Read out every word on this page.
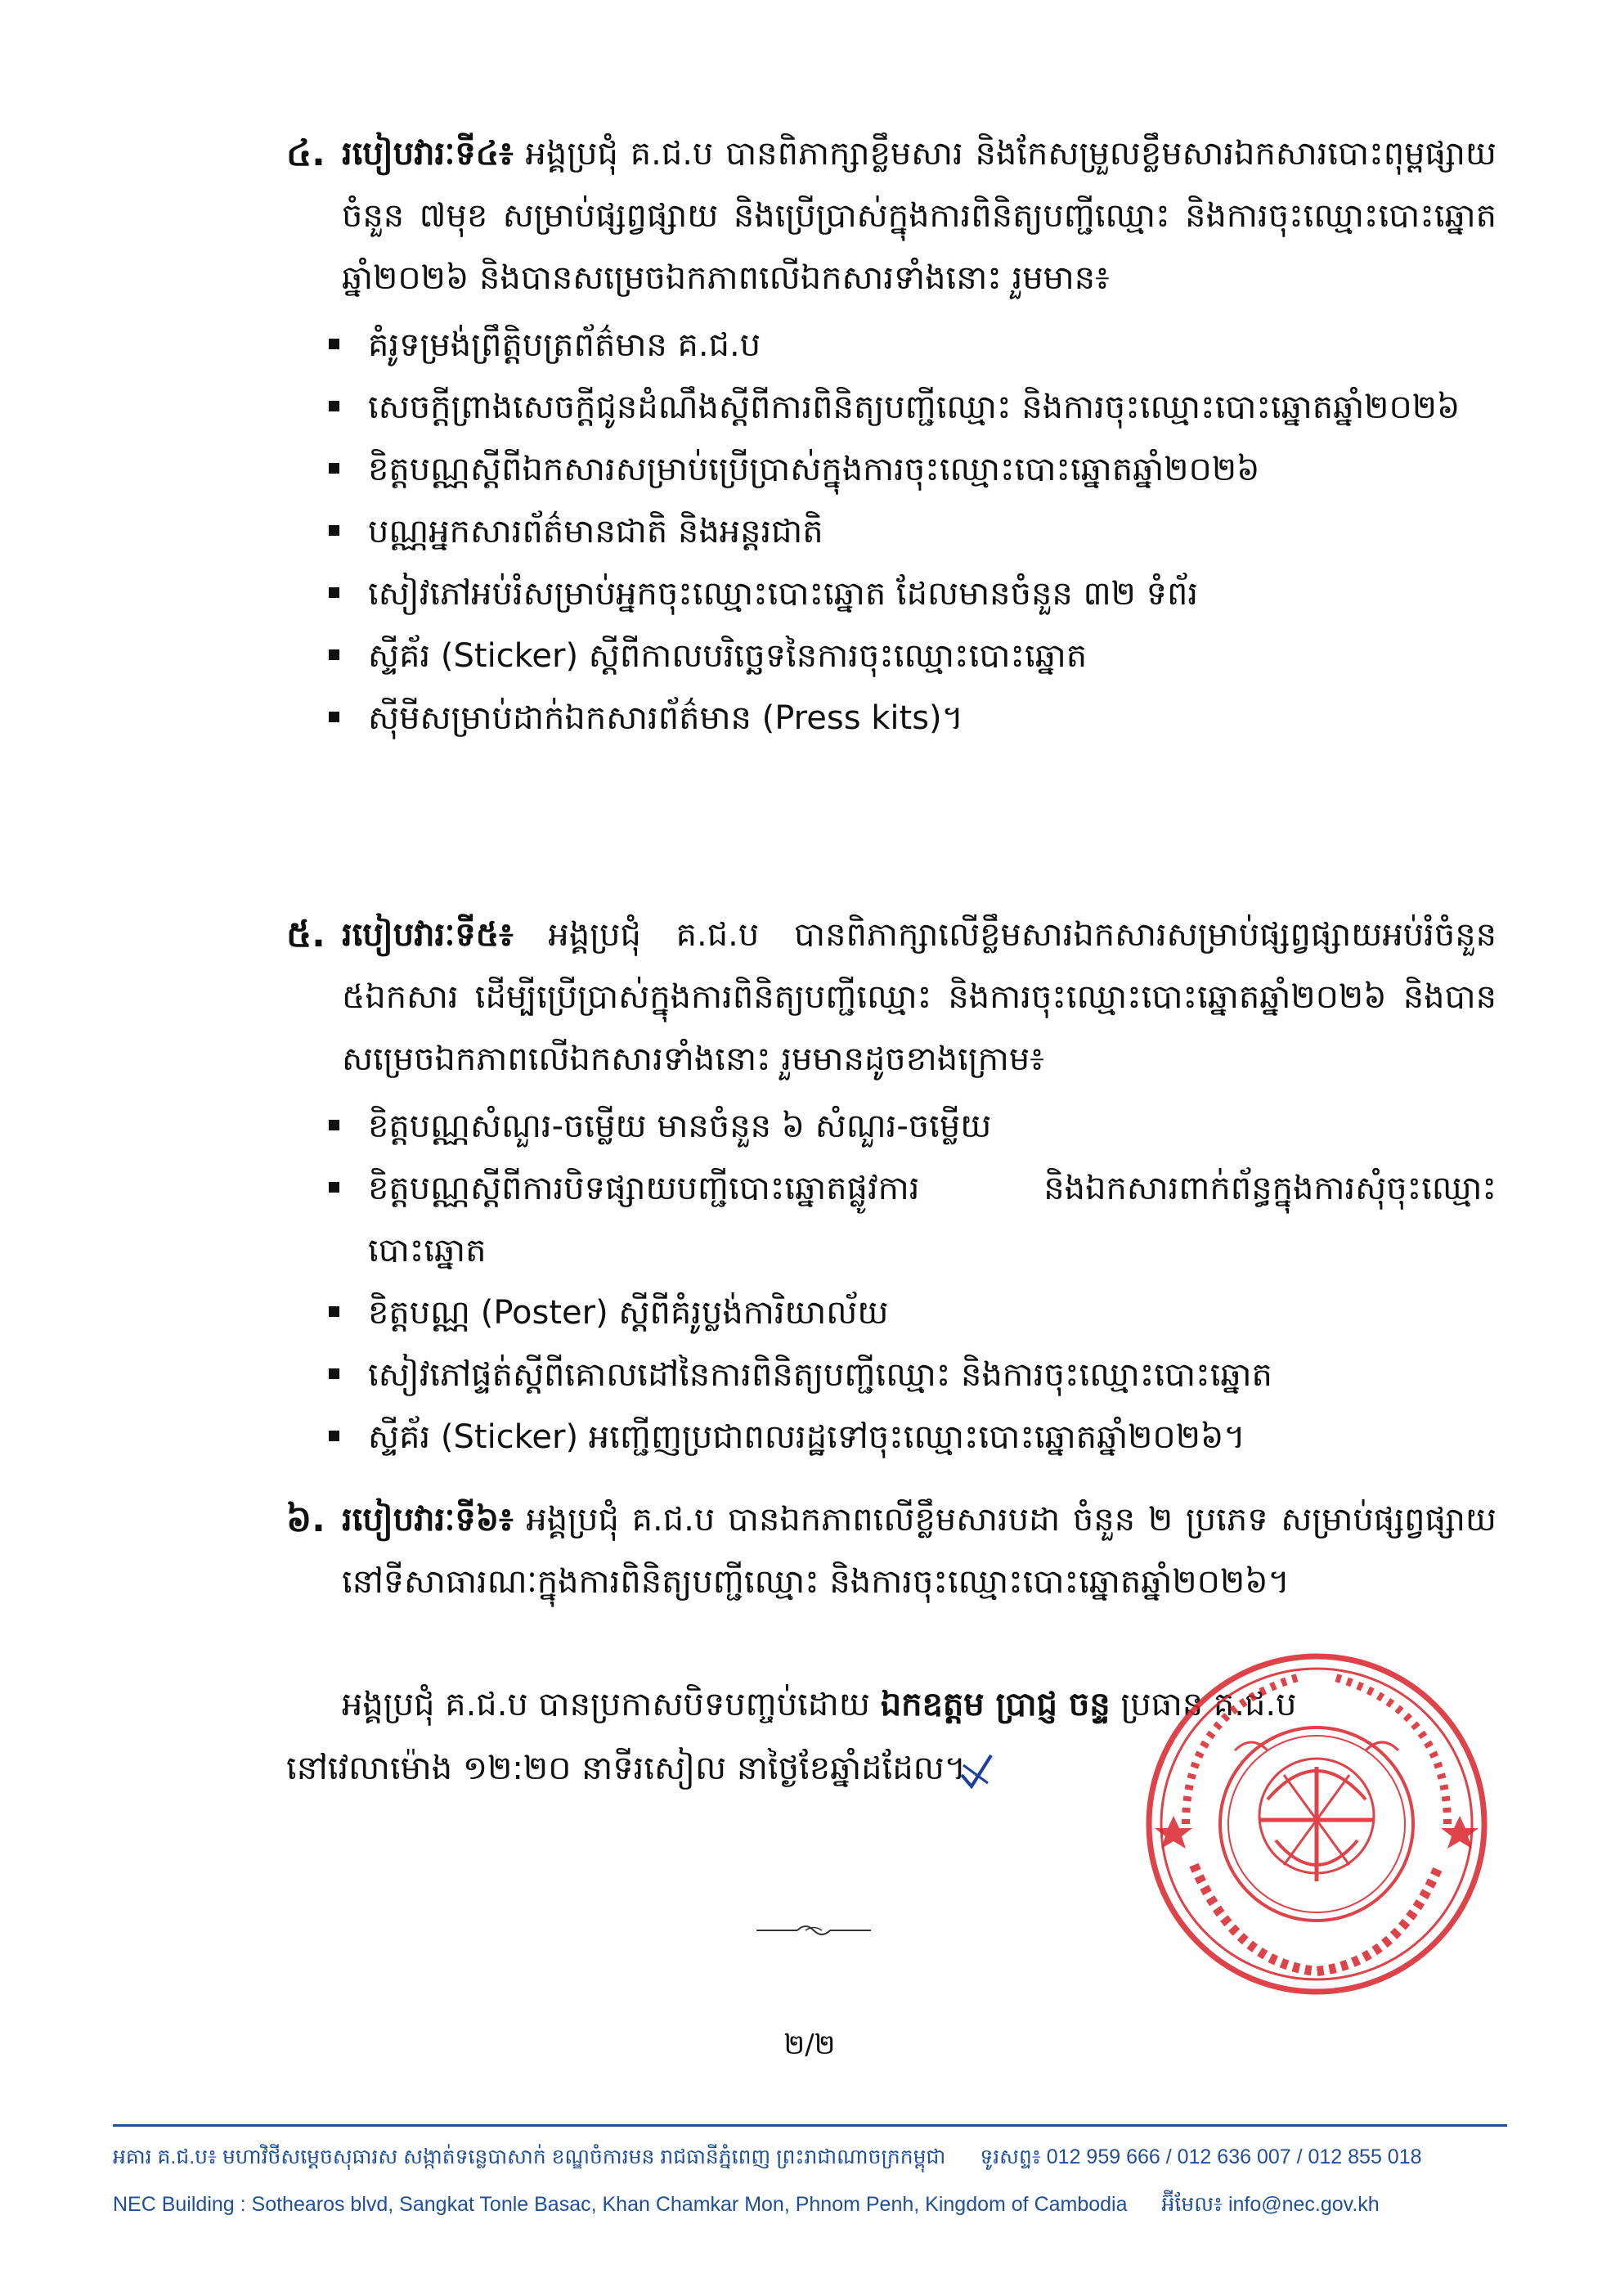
៤. របៀបវារៈទី៤៖ អង្គប្រជុំ គ.ជ.ប បានពិភាក្សាខ្លឹមសារ និងកែសម្រួលខ្លឹមសារឯកសារបោះពុម្ពផ្សាយចំនួន ៧មុខ សម្រាប់ផ្សព្វផ្សាយ និងប្រើប្រាស់ក្នុងការពិនិត្យបញ្ជីឈ្មោះ និងការចុះឈ្មោះបោះឆ្នោតឆ្នាំ២០២៦ និងបានសម្រេចឯកភាពលើឯកសារទាំងនោះ រួមមាន៖
គំរូទម្រង់ព្រឹត្តិបត្រព័ត៌មាន គ.ជ.ប
សេចក្តីព្រាងសេចក្តីជូនដំណឹងស្តីពីការពិនិត្យបញ្ជីឈ្មោះ និងការចុះឈ្មោះបោះឆ្នោតឆ្នាំ២០២៦
ខិត្តបណ្ណស្តីពីឯកសារសម្រាប់ប្រើប្រាស់ក្នុងការចុះឈ្មោះបោះឆ្នោតឆ្នាំ២០២៦
បណ្ណអ្នកសារព័ត៌មានជាតិ និងអន្តរជាតិ
សៀវភៅអប់រំសម្រាប់អ្នកចុះឈ្មោះបោះឆ្នោត ដែលមានចំនួន ៣២ ទំព័រ
ស្ទីគ័រ (Sticker) ស្តីពីកាលបរិច្ឆេទនៃការចុះឈ្មោះបោះឆ្នោត
ស៊ីមីសម្រាប់ដាក់ឯកសារព័ត៌មាន (Press kits)។
៥. របៀបវារៈទី៥៖ អង្គប្រជុំ គ.ជ.ប បានពិភាក្សាលើខ្លឹមសារឯកសារសម្រាប់ផ្សព្វផ្សាយអប់រំចំនួន ៥ឯកសារ ដើម្បីប្រើប្រាស់ក្នុងការពិនិត្យបញ្ជីឈ្មោះ និងការចុះឈ្មោះបោះឆ្នោតឆ្នាំ២០២៦ និងបានសម្រេចឯកភាពលើឯកសារទាំងនោះ រួមមានដូចខាងក្រោម៖
ខិត្តបណ្ណសំណួរ-ចម្លើយ មានចំនួន ៦ សំណួរ-ចម្លើយ
ខិត្តបណ្ណស្តីពីការបិទផ្សាយបញ្ជីបោះឆ្នោតផ្លូវការ និងឯកសារពាក់ព័ន្ធក្នុងការសុំចុះឈ្មោះបោះឆ្នោត
ខិត្តបណ្ណ (Poster) ស្តីពីគំរូប្លង់ការិយាល័យ
សៀវភៅផ្ទត់ស្តីពីគោលដៅនៃការពិនិត្យបញ្ជីឈ្មោះ និងការចុះឈ្មោះបោះឆ្នោត
ស្ទីគ័រ (Sticker) អញ្ជើញប្រជាពលរដ្ឋទៅចុះឈ្មោះបោះឆ្នោតឆ្នាំ២០២៦។
៦. របៀបវារៈទី៦៖ អង្គប្រជុំ គ.ជ.ប បានឯកភាពលើខ្លឹមសារបដា ចំនួន ២ ប្រភេទ សម្រាប់ផ្សព្វផ្សាយនៅទីសាធារណៈក្នុងការពិនិត្យបញ្ជីឈ្មោះ និងការចុះឈ្មោះបោះឆ្នោតឆ្នាំ២០២៦។
អង្គប្រជុំ គ.ជ.ប បានប្រកាសបិទបញ្ចប់ដោយ ឯកឧត្តម ប្រាជ្ញ ចន្ទ ប្រធាន គ.ជ.ប
នៅវេលាម៉ោង ១២:២០ នាទីរសៀល នាថ្ងៃខែឆ្នាំដដែល។
២/២
អគារ គ.ជ.ប៖ មហាវិថីសម្តេចសុធារស សង្កាត់ទន្លេបាសាក់ ខណ្ឌចំការមន រាជធានីភ្នំពេញ ព្រះរាជាណាចក្រកម្ពុជា ទូរសព្ទ៖ 012 959 666 / 012 636 007 / 012 855 018
NEC Building : Sothearos blvd, Sangkat Tonle Basac, Khan Chamkar Mon, Phnom Penh, Kingdom of Cambodia អ៊ីមែល៖ info@nec.gov.kh
